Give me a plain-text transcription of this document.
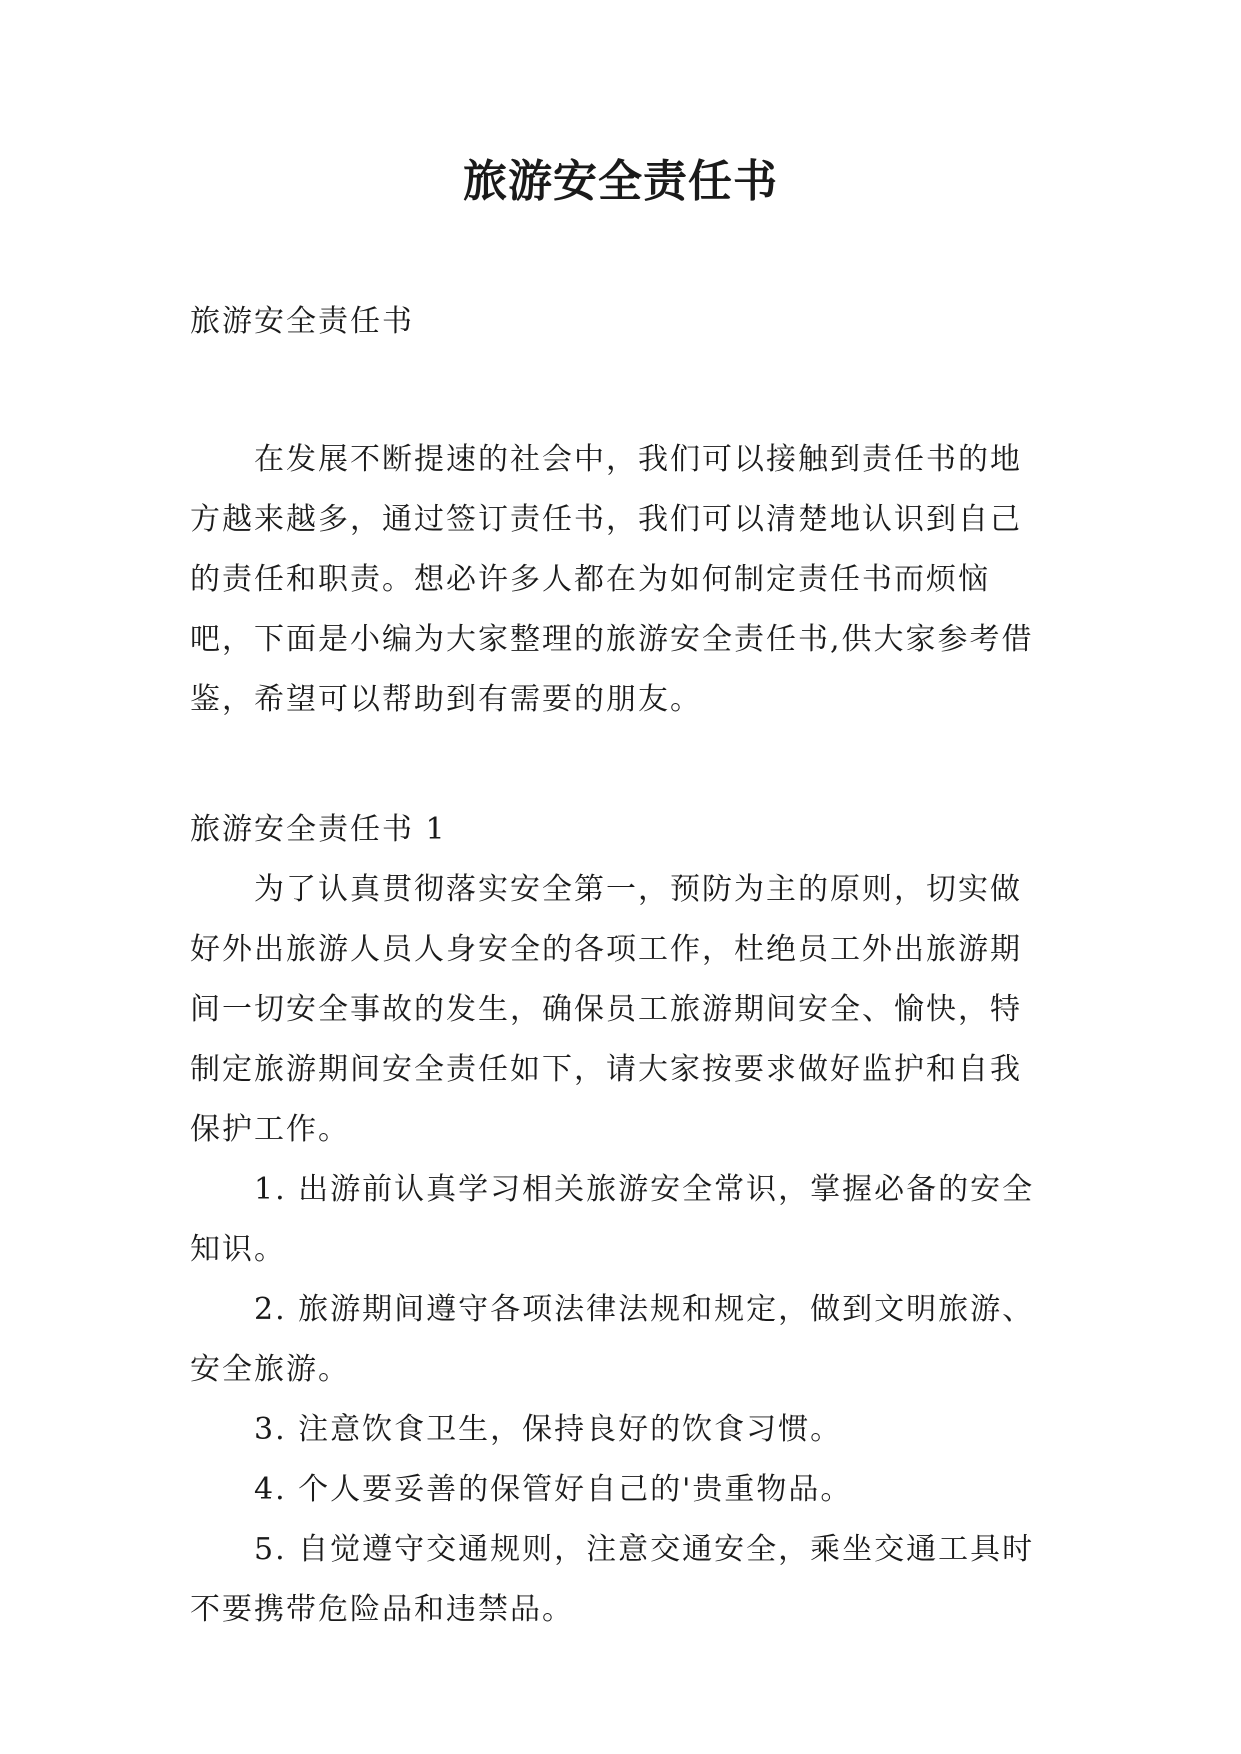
旅游安全责任书

旅游安全责任书

在发展不断提速的社会中，我们可以接触到责任书的地方越来越多，通过签订责任书，我们可以清楚地认识到自己的责任和职责。想必许多人都在为如何制定责任书而烦恼吧，下面是小编为大家整理的旅游安全责任书,供大家参考借鉴，希望可以帮助到有需要的朋友。

旅游安全责任书 1

为了认真贯彻落实安全第一，预防为主的原则，切实做好外出旅游人员人身安全的各项工作，杜绝员工外出旅游期间一切安全事故的发生，确保员工旅游期间安全、愉快，特制定旅游期间安全责任如下，请大家按要求做好监护和自我保护工作。

1. 出游前认真学习相关旅游安全常识，掌握必备的安全知识。

2. 旅游期间遵守各项法律法规和规定，做到文明旅游、安全旅游。

3. 注意饮食卫生，保持良好的饮食习惯。

4. 个人要妥善的保管好自己的'贵重物品。

5. 自觉遵守交通规则，注意交通安全，乘坐交通工具时不要携带危险品和违禁品。
